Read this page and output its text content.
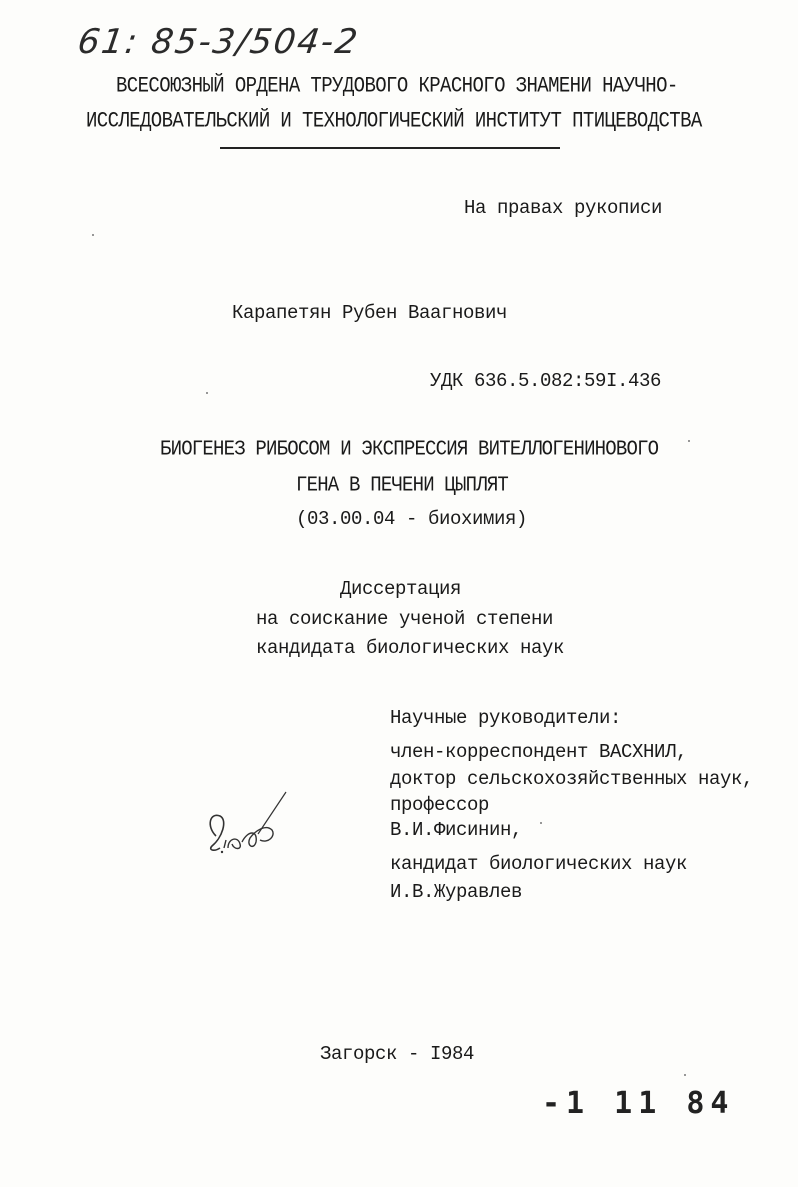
61: 85-3/504-2
ВСЕСОЮЗНЫЙ ОРДЕНА ТРУДОВОГО КРАСНОГО ЗНАМЕНИ НАУЧНО-
ИССЛЕДОВАТЕЛЬСКИЙ И ТЕХНОЛОГИЧЕСКИЙ ИНСТИТУТ ПТИЦЕВОДСТВА
На правах рукописи
Карапетян Рубен Ваагнович
УДК 636.5.082:59I.436
БИОГЕНЕЗ РИБОСОМ И ЭКСПРЕССИЯ ВИТЕЛЛОГЕНИНОВОГО
ГЕНА В ПЕЧЕНИ ЦЫПЛЯТ
(03.00.04 - биохимия)
Диссертация
на соискание ученой степени
кандидата биологических наук
Научные руководители:
член-корреспондент ВАСХНИЛ,
доктор сельскохозяйственных наук,
профессор
В.И.Фисинин,
кандидат биологических наук
И.В.Журавлев
Загорск - I984
-1 11 84
